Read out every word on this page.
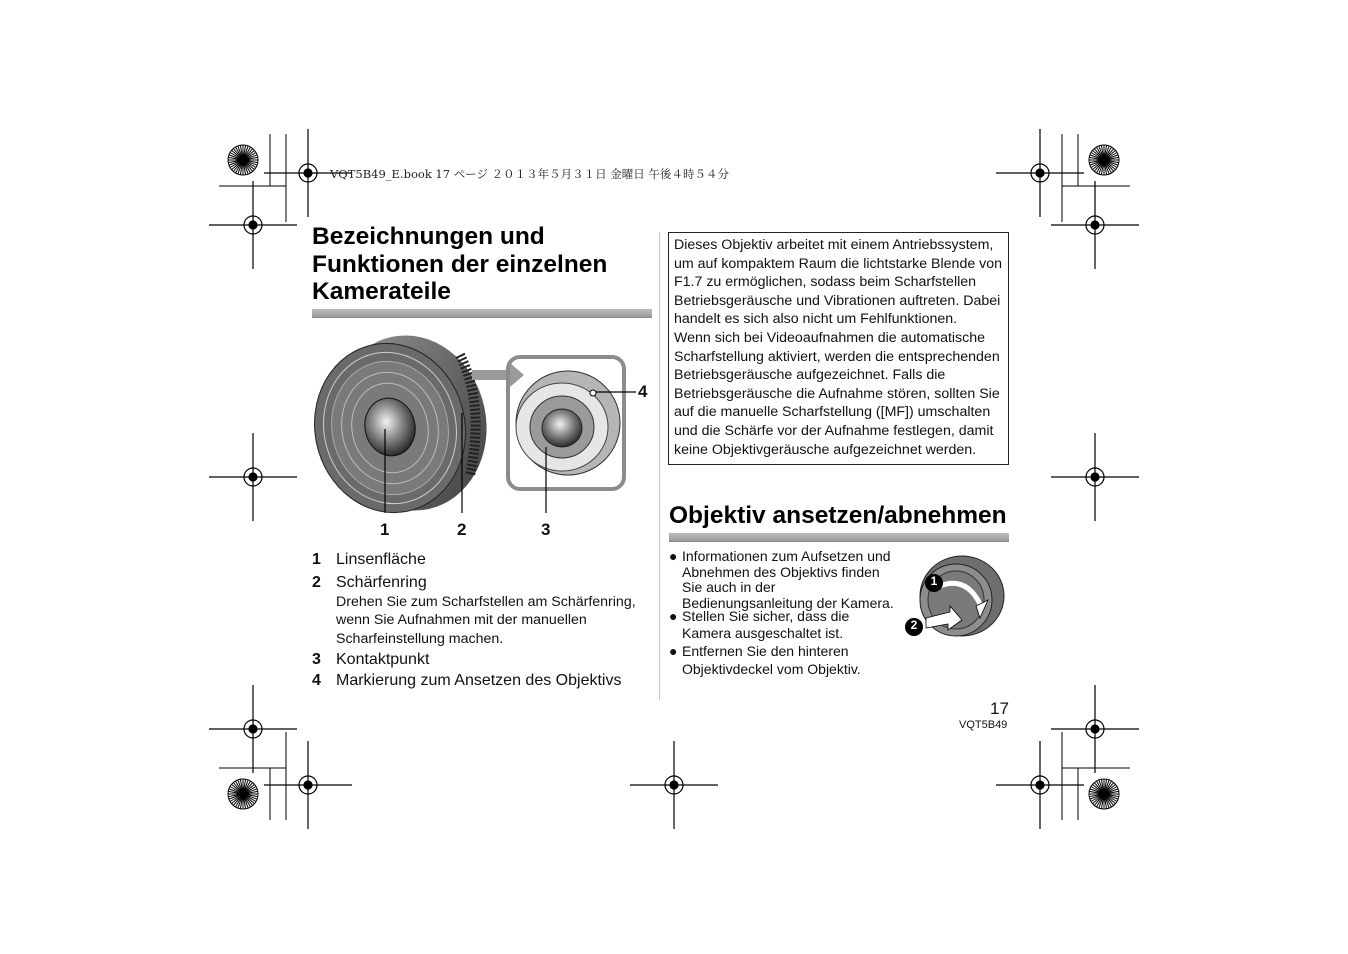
VQT5B49_E.book 17 ページ ２０１３年５月３１日 金曜日 午後４時５４分
Bezeichnungen und
Funktionen der einzelnen
Kamerateile
1	2	3
4
1 Linsenfläche
2 Schärfenring
Drehen Sie zum Scharfstellen am Schärfenring,
wenn Sie Aufnahmen mit der manuellen
Scharfeinstellung machen.
3 Kontaktpunkt
4 Markierung zum Ansetzen des Objektivs
Dieses Objektiv arbeitet mit einem Antriebssystem,
um auf kompaktem Raum die lichtstarke Blende von
F1.7 zu ermöglichen, sodass beim Scharfstellen
Betriebsgeräusche und Vibrationen auftreten. Dabei
handelt es sich also nicht um Fehlfunktionen.
Wenn sich bei Videoaufnahmen die automatische
Scharfstellung aktiviert, werden die entsprechenden
Betriebsgeräusche aufgezeichnet. Falls die
Betriebsgeräusche die Aufnahme stören, sollten Sie
auf die manuelle Scharfstellung ([MF]) umschalten
und die Schärfe vor der Aufnahme festlegen, damit
keine Objektivgeräusche aufgezeichnet werden.
Objektiv ansetzen/abnehmen
● Informationen zum Aufsetzen und
Abnehmen des Objektivs finden
Sie auch in der
Bedienungsanleitung der Kamera.
● Stellen Sie sicher, dass die
Kamera ausgeschaltet ist.
● Entfernen Sie den hinteren
Objektivdeckel vom Objektiv.
1
2
17
VQT5B49
